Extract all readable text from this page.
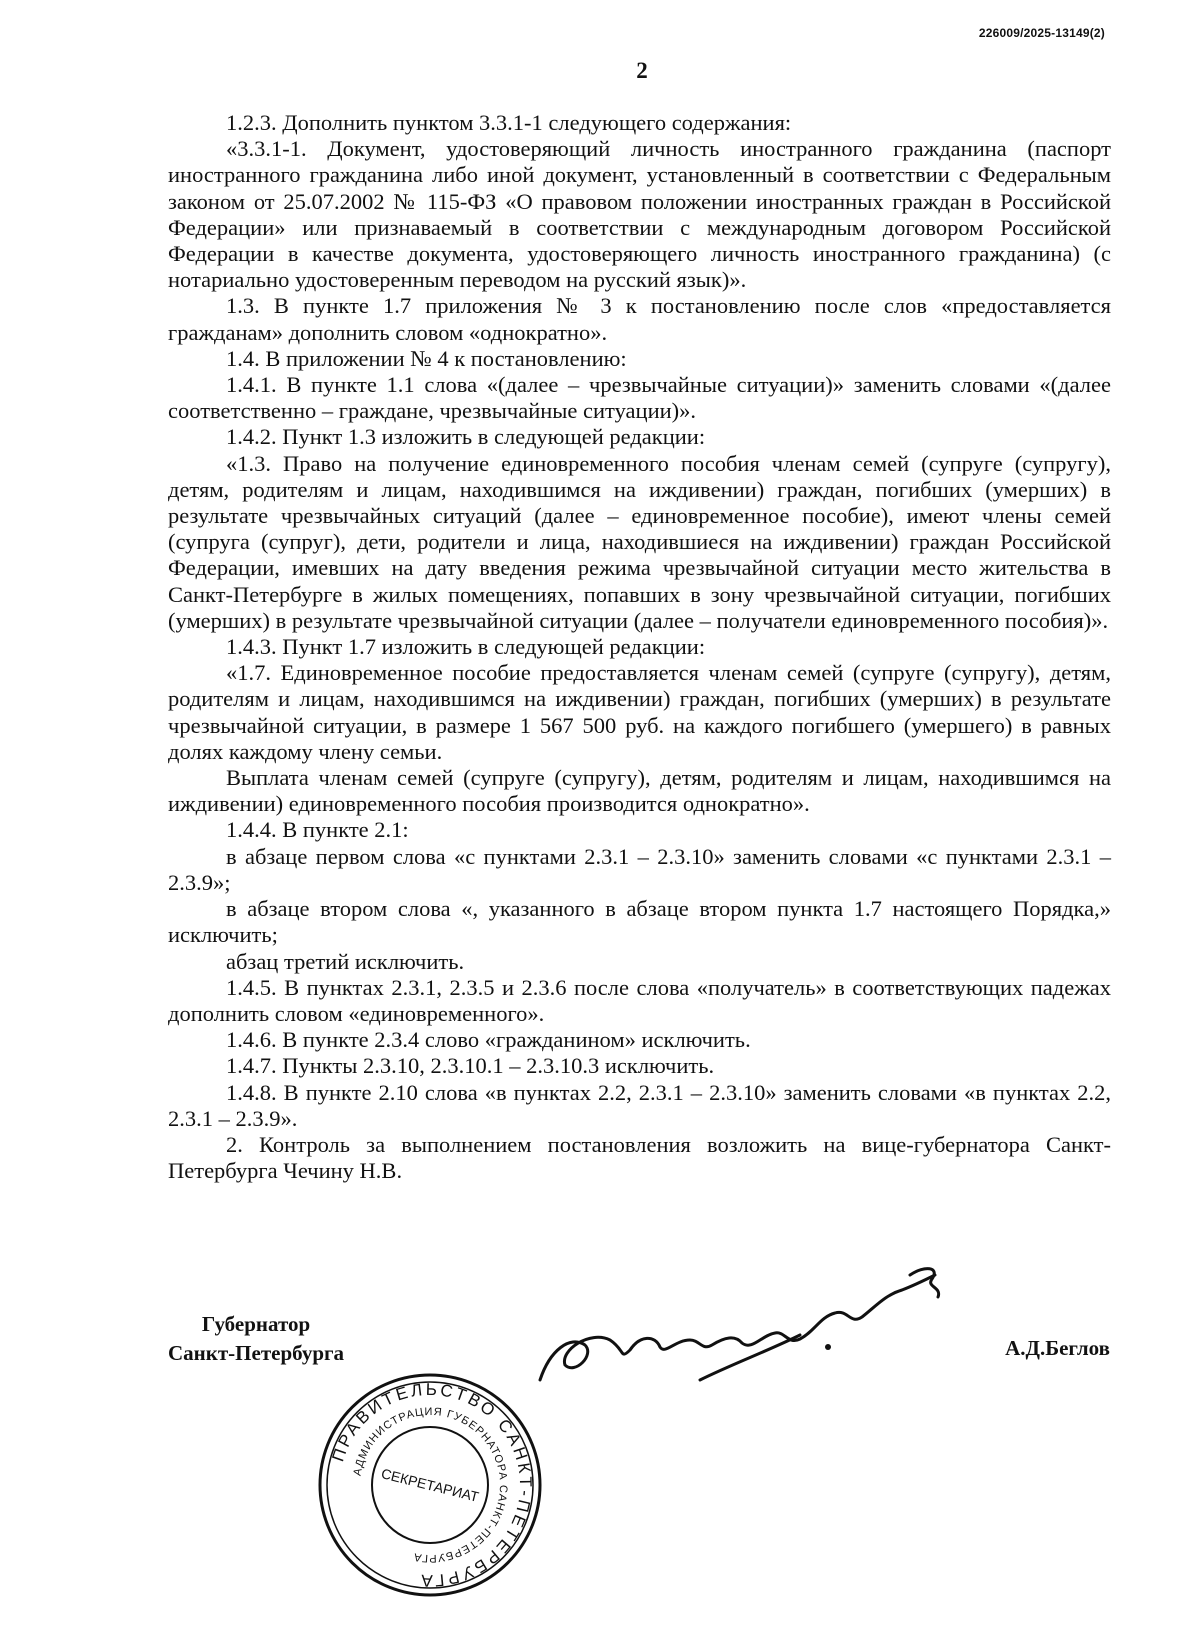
226009/2025-13149(2)
2

1.2.3. Дополнить пунктом 3.3.1-1 следующего содержания:

«3.3.1-1. Документ, удостоверяющий личность иностранного гражданина (паспорт иностранного гражданина либо иной документ, установленный в соответствии с Федеральным законом от 25.07.2002 № 115-ФЗ «О правовом положении иностранных граждан в Российской Федерации» или признаваемый в соответствии с международным договором Российской Федерации в качестве документа, удостоверяющего личность иностранного гражданина) (с нотариально удостоверенным переводом на русский язык)».

1.3. В пункте 1.7 приложения № 3 к постановлению после слов «предоставляется гражданам» дополнить словом «однократно».

1.4. В приложении № 4 к постановлению:

1.4.1. В пункте 1.1 слова «(далее – чрезвычайные ситуации)» заменить словами «(далее соответственно – граждане, чрезвычайные ситуации)».

1.4.2. Пункт 1.3 изложить в следующей редакции:

«1.3. Право на получение единовременного пособия членам семей (супруге (супругу), детям, родителям и лицам, находившимся на иждивении) граждан, погибших (умерших) в результате чрезвычайных ситуаций (далее – единовременное пособие), имеют члены семей (супруга (супруг), дети, родители и лица, находившиеся на иждивении) граждан Российской Федерации, имевших на дату введения режима чрезвычайной ситуации место жительства в Санкт-Петербурге в жилых помещениях, попавших в зону чрезвычайной ситуации, погибших (умерших) в результате чрезвычайной ситуации (далее – получатели единовременного пособия)».

1.4.3. Пункт 1.7 изложить в следующей редакции:

«1.7. Единовременное пособие предоставляется членам семей (супруге (супругу), детям, родителям и лицам, находившимся на иждивении) граждан, погибших (умерших) в результате чрезвычайной ситуации, в размере 1 567 500 руб. на каждого погибшего (умершего) в равных долях каждому члену семьи.

Выплата членам семей (супруге (супругу), детям, родителям и лицам, находившимся на иждивении) единовременного пособия производится однократно».

1.4.4. В пункте 2.1:

в абзаце первом слова «с пунктами 2.3.1 – 2.3.10» заменить словами «с пунктами 2.3.1 – 2.3.9»;

в абзаце втором слова «, указанного в абзаце втором пункта 1.7 настоящего Порядка,» исключить;

абзац третий исключить.

1.4.5. В пунктах 2.3.1, 2.3.5 и 2.3.6 после слова «получатель» в соответствующих падежах дополнить словом «единовременного».

1.4.6. В пункте 2.3.4 слово «гражданином» исключить.

1.4.7. Пункты 2.3.10, 2.3.10.1 – 2.3.10.3 исключить.

1.4.8. В пункте 2.10 слова «в пунктах 2.2, 2.3.1 – 2.3.10» заменить словами «в пунктах 2.2, 2.3.1 – 2.3.9».

2. Контроль за выполнением постановления возложить на вице-губернатора Санкт-Петербурга Чечину Н.В.

Губернатор
Санкт-Петербурга	А.Д.Беглов
ПРАВИТЕЛЬСТВО САНКТ-ПЕТЕРБУРГА
АДМИНИСТРАЦИЯ ГУБЕРНАТОРА САНКТ-ПЕТЕРБУРГА
СЕКРЕТАРИАТ
